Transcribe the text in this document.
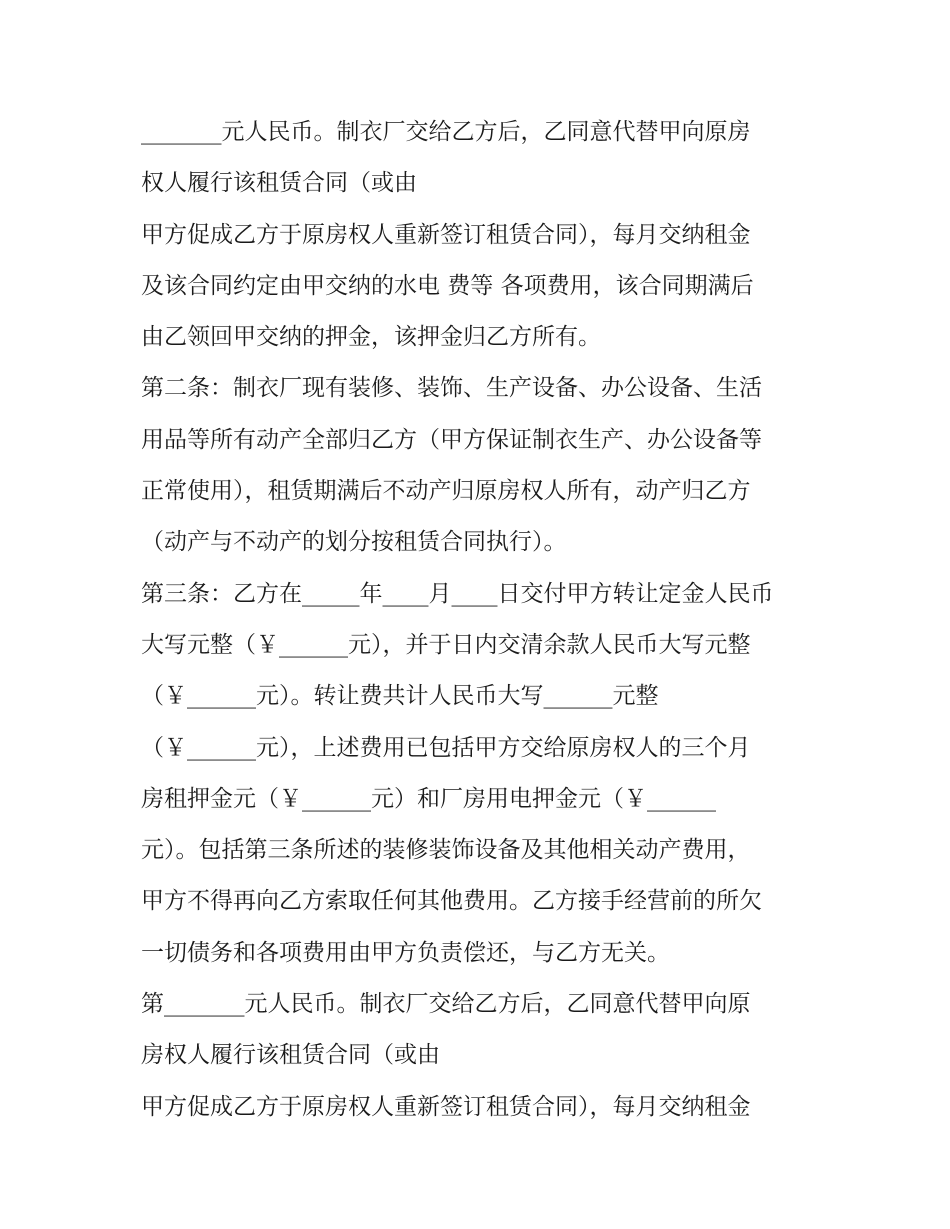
_______元人民币。制衣厂交给乙方后，乙同意代替甲向原房
权人履行该租赁合同（或由
甲方促成乙方于原房权人重新签订租赁合同），每月交纳租金
及该合同约定由甲交纳的水电 费等 各项费用，该合同期满后
由乙领回甲交纳的押金，该押金归乙方所有。
第二条：制衣厂现有装修、装饰、生产设备、办公设备、生活
用品等所有动产全部归乙方（甲方保证制衣生产、办公设备等
正常使用），租赁期满后不动产归原房权人所有，动产归乙方
（动产与不动产的划分按租赁合同执行）。
第三条：乙方在_____年____月____日交付甲方转让定金人民币
大写元整（￥______元），并于日内交清余款人民币大写元整
（￥______元）。转让费共计人民币大写______元整
（￥______元），上述费用已包括甲方交给原房权人的三个月
房租押金元（￥______元）和厂房用电押金元（￥______
元）。包括第三条所述的装修装饰设备及其他相关动产费用，
甲方不得再向乙方索取任何其他费用。乙方接手经营前的所欠
一切债务和各项费用由甲方负责偿还，与乙方无关。
第_______元人民币。制衣厂交给乙方后，乙同意代替甲向原
房权人履行该租赁合同（或由
甲方促成乙方于原房权人重新签订租赁合同），每月交纳租金
